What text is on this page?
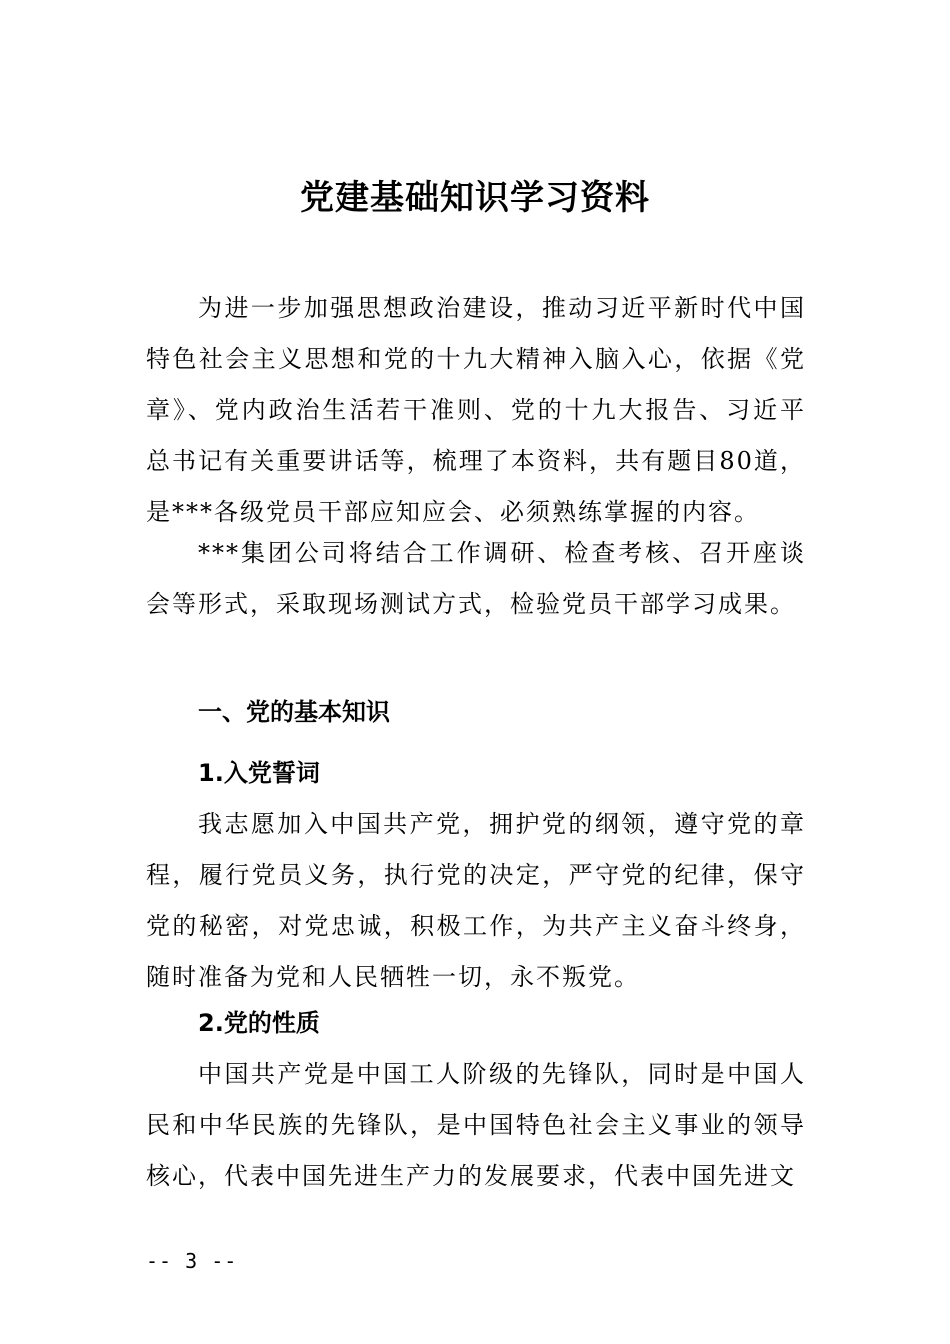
党建基础知识学习资料

为进一步加强思想政治建设，推动习近平新时代中国特色社会主义思想和党的十九大精神入脑入心，依据《党章》、党内政治生活若干准则、党的十九大报告、习近平总书记有关重要讲话等，梳理了本资料，共有题目80道，是***各级党员干部应知应会、必须熟练掌握的内容。

***集团公司将结合工作调研、检查考核、召开座谈会等形式，采取现场测试方式，检验党员干部学习成果。

一、党的基本知识
1.入党誓词

我志愿加入中国共产党，拥护党的纲领，遵守党的章程，履行党员义务，执行党的决定，严守党的纪律，保守党的秘密，对党忠诚，积极工作，为共产主义奋斗终身，随时准备为党和人民牺牲一切，永不叛党。

2.党的性质

中国共产党是中国工人阶级的先锋队，同时是中国人民和中华民族的先锋队，是中国特色社会主义事业的领导核心，代表中国先进生产力的发展要求，代表中国先进文

-- 3 --
